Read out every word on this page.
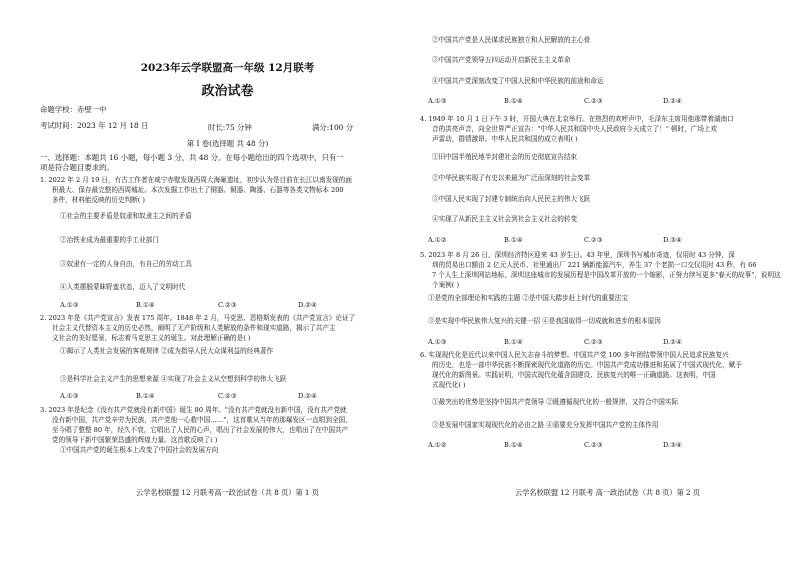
2023年云学联盟高一年级 12月联考
政治试卷
命题学校：赤壁一中
考试时间：2023 年 12 月 18 日	时长:75 分钟	满分:100 分
第 I 卷(选择题 共 48 分)
一、选择题：本题共 16 小题，每小题 3 分，共 48 分。在每小题给出的四个选项中，只有一
项是符合题目要求的。
1. 2022 年 2 月 19 日，有古工作者在咸宁赤壁发现西周大海砸遗址，初步认为是目前在长江以南发现的面
积最大、保存最完整的西周城址。本次发掘工作出土了铜器、铜器、陶器、石器等各类文物标本 200
多件，材料能反映的历史判断( )
①社会的主要矛盾是奴隶和奴隶主之间的矛盾
②冶铁业成为最重要的手工业部门
③奴隶有一定的人身自由，有自己的劳动工具
④人类摆脱蒙昧野蛮状态，迈入了文明时代
A.①③	B.①④	C.②③	D.②④
2. 2023 年是《共产党宣言》发表 175 周年。1848 年 2 月，马克思、恩格斯发表的《共产党宣言》论证了
社会主义代替资本主义的历史必然，阐明了无产阶级和人类解放的条件和现实道路，揭示了共产主
义社会的美好愿景，标志着马克思主义的诞生。对此理解正确的是( )
①揭示了人类社会发展的客观规律 ②成为指导人民大众谋利益的经典著作
③是科学社会主义产生的思想来源 ④实现了社会主义从空想到科学的伟大飞跃
A.①③	B.①④	C.②③	D.②④
3. 2023 年是纪念《没有共产党就没有新中国》诞生 80 周年。"没有共产党就没有新中国，没有共产党就
没有新中国，共产党辛劳为民族，共产党他一心救中国……"，这首歌从当年的那爆发区一直唱到全国，
至今唱了整整 80 年，经久不衰，它唱出了人民的心声，唱出了社会发展的伟大，也唱出了在中国共产
党的领导下新中国繁荣昌盛的辉煌力量。这首歌反映了( )
①中国共产党的诞生根本上改变了中国社会的发展方向
云学名校联盟 12 月联考高一政治试卷（共 8 页）第 1 页
②中国共产党是人民谋求民族独立和人民解放的主心骨
③中国共产党领导五四运动开启新民主主义革命
④中国共产党深刻改变了中国人民和中华民族的前途和命运
A.①③	B.①④	C.②③	D.②④
4. 1949 年 10 月 1 日下午 3 时，开国大典在北京举行。在热烈的欢呼声中，毛泽东主席用他那带着湖南口
音的洪亮声音，向全世界严正宣告："中华人民共和国中央人民政府今天成立了！" 顿时，广场上欢
声雷动，群情激昂。中华人民共和国的成立表明( )
①旧中国半殖民地半封建社会的历史彻底宣告结束
②中华民族实现了有史以来最为广泛而深刻的社会变革
③中国人民实现了封建专制统治向人民民主的伟大飞跃
④实现了从新民主主义社会到社会主义社会的转变
A.①②	B.①④	C.②③	D.③④
5. 2023 年 8 月 26 日，深圳经济特区迎来 43 岁生日。43 年里，深圳书写城市奇迹，仅用时 43 分钟，深
圳的贸易出口额由 2 亿元人民币、社里通出厂 221 辆新能源汽车，养生 37 个老损一口交仅用时 43 秒，有 66
7 个人生上深圳网站地标，深圳这座城市的发展历程是中国改革开放的一个缩影，正努力续写更多"春天的故事"，说明这
个案例( )
①是党的全部理论和实践的主题 ②是中国大踏步赶上时代的重要法宝
③是实现中华民族伟大复兴的关键一招 ④是我国取得一切成就和进步的根本原因
A.①③	B.①④	C.②③	D.②④
6. 实现现代化是近代以来中国人民矢志奋斗的梦想。中国共产党 100 多年团结带领中国人民追求民族复兴
的历史，也是一部中华民族不断探索现代化道路的历史。中国共产党成功推进和拓展了中国式现代化，赋予
现代化的新图景。实践证明，中国式现代化蕴含国建设、民族复兴的唯一正确道路。这表明，中国
式现代化( )
①最突出的优势是坚持中国共产党领导 ②既遵循现代化的一般规律，又符合中国实际
③是发展中国家实现现代化的必由之路 ④需要充分发挥中国共产党的主体作用
A.①②	B.①④	C.②③	D.③④
云学名校联盟 12 月联考 高一政治试卷（共 8 页）第 2 页
